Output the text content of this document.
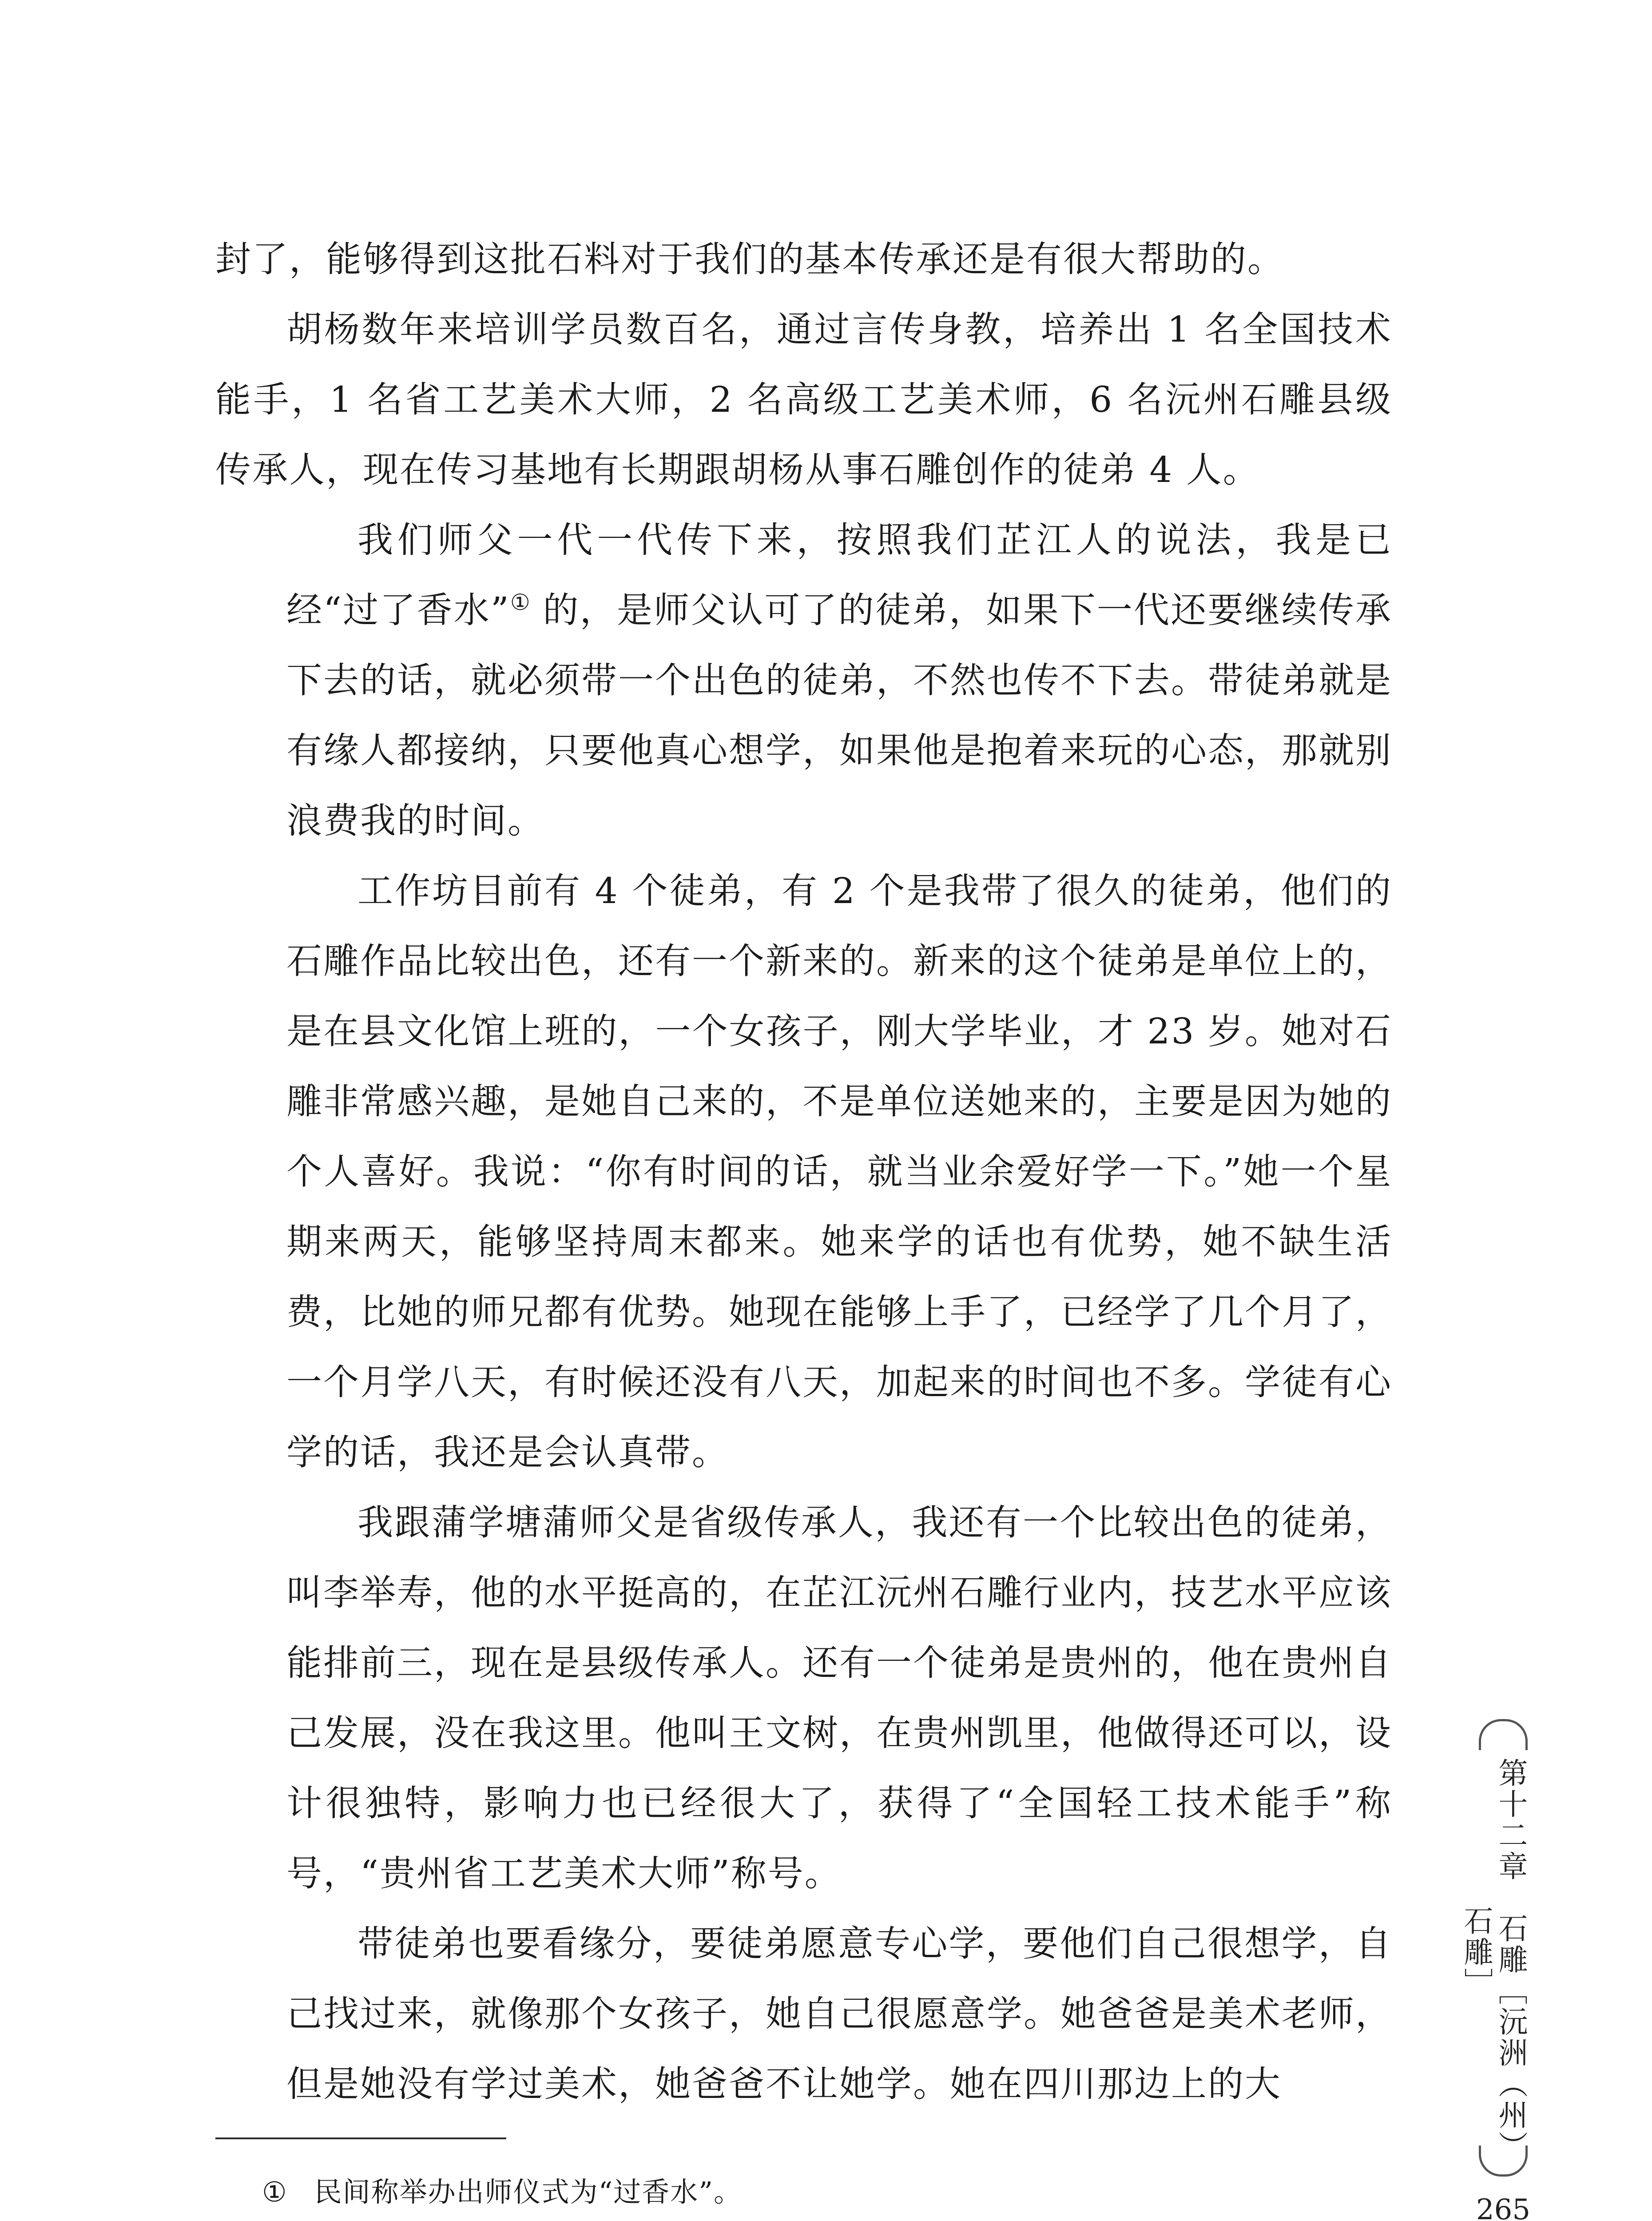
封了，能够得到这批石料对于我们的基本传承还是有很大帮助的。

胡杨数年来培训学员数百名，通过言传身教，培养出 1 名全国技术能手，1 名省工艺美术大师，2 名高级工艺美术师，6 名沅州石雕县级传承人，现在传习基地有长期跟胡杨从事石雕创作的徒弟 4 人。

我们师父一代一代传下来，按照我们芷江人的说法，我是已经“过了香水”① 的，是师父认可了的徒弟，如果下一代还要继续传承下去的话，就必须带一个出色的徒弟，不然也传不下去。带徒弟就是有缘人都接纳，只要他真心想学，如果他是抱着来玩的心态，那就别浪费我的时间。

工作坊目前有 4 个徒弟，有 2 个是我带了很久的徒弟，他们的石雕作品比较出色，还有一个新来的。新来的这个徒弟是单位上的，是在县文化馆上班的，一个女孩子，刚大学毕业，才 23 岁。她对石雕非常感兴趣，是她自己来的，不是单位送她来的，主要是因为她的个人喜好。我说：“你有时间的话，就当业余爱好学一下。”她一个星期来两天，能够坚持周末都来。她来学的话也有优势，她不缺生活费，比她的师兄都有优势。她现在能够上手了，已经学了几个月了，一个月学八天，有时候还没有八天，加起来的时间也不多。学徒有心学的话，我还是会认真带。

我跟蒲学塘蒲师父是省级传承人，我还有一个比较出色的徒弟，叫李举寿，他的水平挺高的，在芷江沅州石雕行业内，技艺水平应该能排前三，现在是县级传承人。还有一个徒弟是贵州的，他在贵州自己发展，没在我这里。他叫王文树，在贵州凯里，他做得还可以，设计很独特，影响力也已经很大了，获得了“全国轻工技术能手”称号，“贵州省工艺美术大师”称号。

带徒弟也要看缘分，要徒弟愿意专心学，要他们自己很想学，自己找过来，就像那个女孩子，她自己很愿意学。她爸爸是美术老师，但是她没有学过美术，她爸爸不让她学。她在四川那边上的大

① 民间称举办出师仪式为“过香水”。

第十二章　石雕［沅洲（州）石雕］
265
